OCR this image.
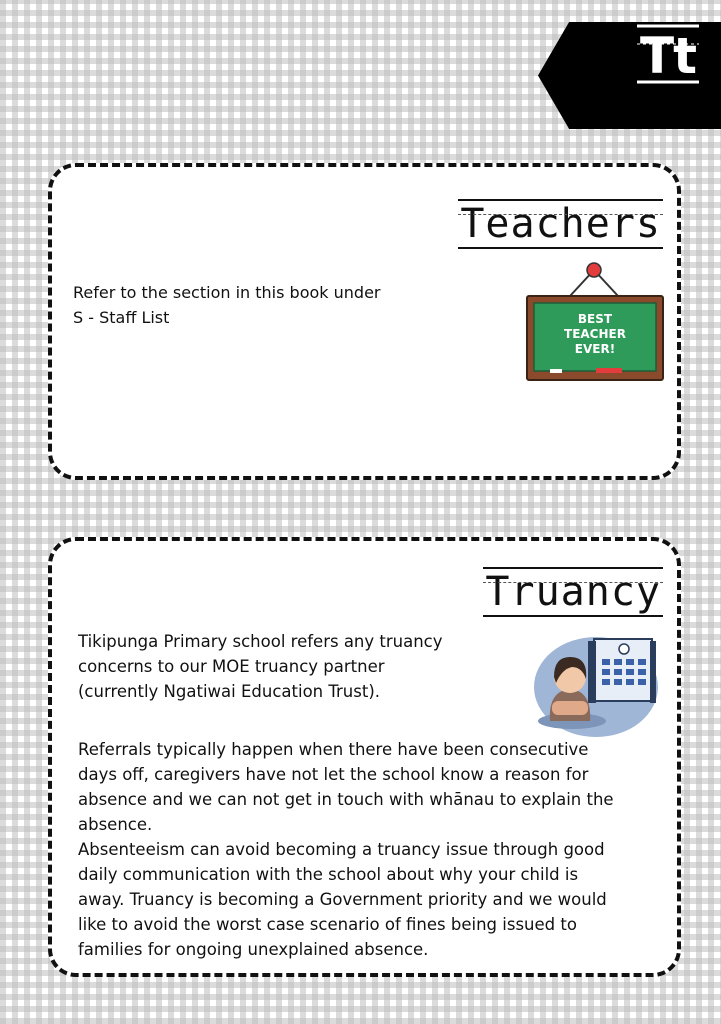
Tt
Teachers
Refer to the section in this book under
S - Staff List	BEST
TEACHER
EVER!
Truancy
Tikipunga Primary school refers any truancy
concerns to our MOE truancy partner
(currently Ngatiwai Education Trust).
Referrals typically happen when there have been consecutive
days off, caregivers have not let the school know a reason for
absence and we can not get in touch with whānau to explain the
absence.
Absenteeism can avoid becoming a truancy issue through good
daily communication with the school about why your child is
away. Truancy is becoming a Government priority and we would
like to avoid the worst case scenario of fines being issued to
families for ongoing unexplained absence.
